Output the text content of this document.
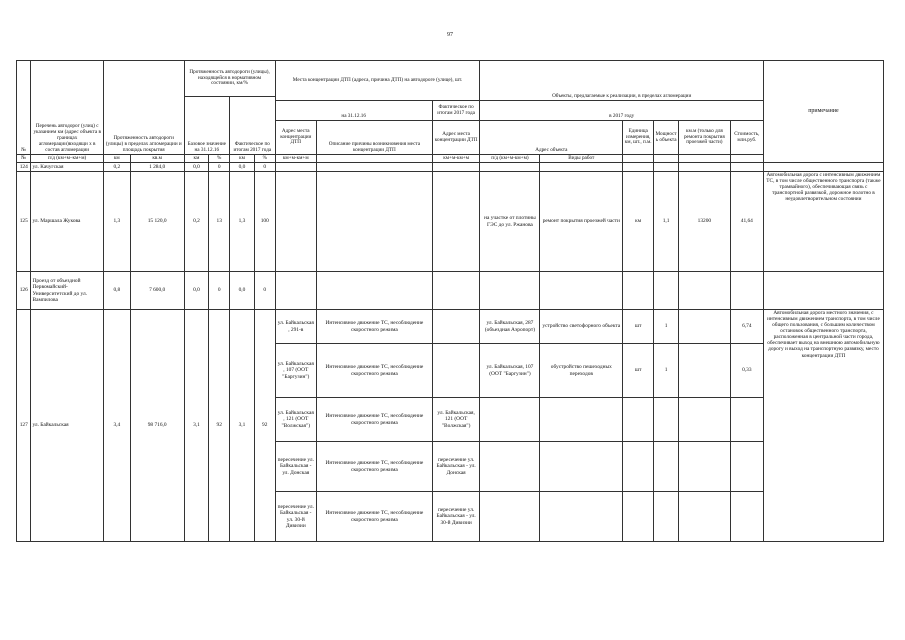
97
№	Перечень автодорог (улиц) с указанием км (адрес объекта в границах агломерации)входящи х в состав агломерации	Протяженность автодороги (улицы) в пределах агломерации и площадь покрытия		Протяженность автодороги (улицы), находящейся в нормативном состоянии, км/%				Места концентрации ДТП (адреса, причина ДТП) на автодороге (улице), шт.			Объекты, предлагаемые к реализации, в пределах агломерации						примечание
				Базовое значение на 31.12.16		Фактическое по итогам 2017 года											
								на 31.12.16		Фактическое по итогам 2017 года	в 2017 году						
								Адрес места концентрации ДТП	Описание причины возникновения места концентрации ДТП	Адрес места концентрации ДТП	Адрес объекта		Единица измерения, км, шт., п.м.	Мощность объекта	км.м (только для ремонта покрытия проезжей части)	Стоимость, млн.руб.	
№	п/д (км+м–км+м)	км	кв.м	км	%	км	%	км+м-км+м		км+м-км+м	п/д (км+м-км+м)	Виды работ					
124	ул. Качугская	0,2	1 284,0	0,0	0	0,0	0										
125	ул. Маршала Жукова	1,3	15 120,0	0,2	13	1,3	100				на участке от плотины ГЭС до ул. Ржанова	ремонт покрытия проезжей части	км	1,1	13200	41,64	Автомобильная дорога с интенсивным движением ТС, в том числе общественного транспорта (также трамвайного), обеспечивающая связь с транспортной развязкой, дорожное полотно в неудовлетворительном состоянии
126	Проезд от объездной Первомайский-Университетский до ул. Вампилова	0,8	7 600,0	0,0	0	0,0	0										
127	ул. Байкальская	3,4	98 716,0	3,1	92	3,1	92	ул. Байкальская , 291-в	Интенсивное движение ТС, несоблюдение скоростного режима		ул. Байкальская, 287 (объездная Аэропорт)	устройство светофорного объекта	шт	1		6,74	Автомобильная дорога местного значения, с интенсивным движением транспорта, в том числе общего пользования, с большим количеством остановок общественного транспорта, расположенная в центральной части города, обеспечивает выход на внешнюю автомобильную дорогу и выход на транспортную развязку, место концентрации ДТП
								ул. Байкальская , 107 (ООТ "Баргузин")	Интенсивное движение ТС, несоблюдение скоростного режима		ул. Байкальская, 107 (ООТ "Баргузин")	обустройство пешеходных переходов	шт	1		0,33	
								ул. Байкальская , 121 (ООТ "Волжская")	Интенсивное движение ТС, несоблюдение скоростного режима	ул. Байкальская, 121 (ООТ "Волжская")							
								пересечение ул. Байкальская - ул. Донская	Интенсивное движение ТС, несоблюдение скоростного режима	пересечение ул. Байкальская - ул. Донская							
								пересечение ул. Байкальская - ул. 30-й Дивизии	Интенсивное движение ТС, несоблюдение скоростного режима	пересечение ул. Байкальская - ул. 30-й Дивизии							
